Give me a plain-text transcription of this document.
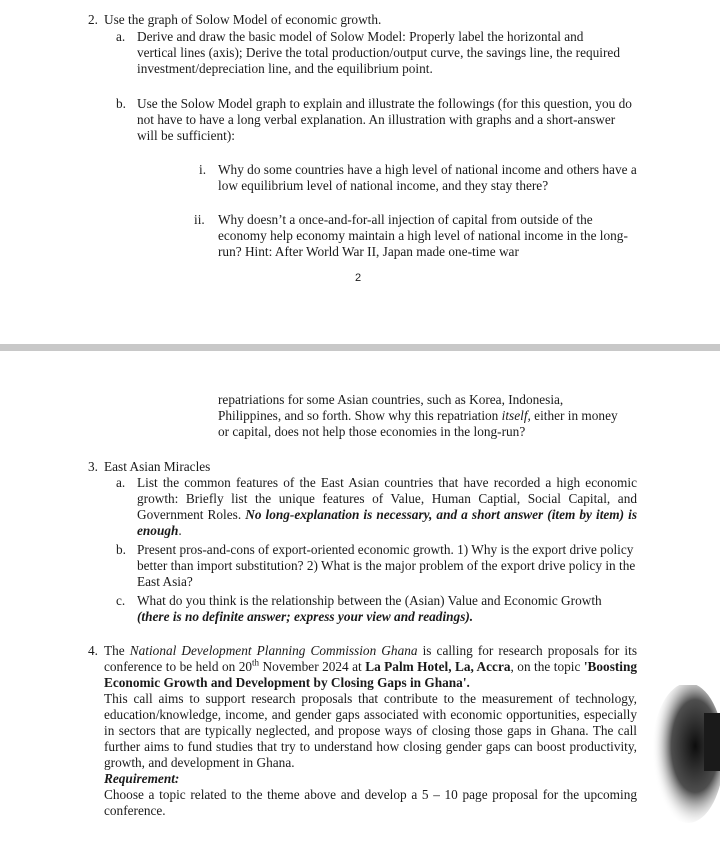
2. Use the graph of Solow Model of economic growth.
a. Derive and draw the basic model of Solow Model: Properly label the horizontal and vertical lines (axis); Derive the total production/output curve, the savings line, the required investment/depreciation line, and the equilibrium point.
b. Use the Solow Model graph to explain and illustrate the followings (for this question, you do not have to have a long verbal explanation. An illustration with graphs and a short-answer will be sufficient):
i. Why do some countries have a high level of national income and others have a low equilibrium level of national income, and they stay there?
ii. Why doesn’t a once-and-for-all injection of capital from outside of the economy help economy maintain a high level of national income in the long-run? Hint: After World War II, Japan made one-time war
2
repatriations for some Asian countries, such as Korea, Indonesia, Philippines, and so forth. Show why this repatriation itself, either in money or capital, does not help those economies in the long-run?
3. East Asian Miracles
a. List the common features of the East Asian countries that have recorded a high economic growth: Briefly list the unique features of Value, Human Captial, Social Capital, and Government Roles. No long-explanation is necessary, and a short answer (item by item) is enough.
b. Present pros-and-cons of export-oriented economic growth. 1) Why is the export drive policy better than import substitution? 2) What is the major problem of the export drive policy in the East Asia?
c. What do you think is the relationship between the (Asian) Value and Economic Growth (there is no definite answer; express your view and readings).
4. The National Development Planning Commission Ghana is calling for research proposals for its conference to be held on 20th November 2024 at La Palm Hotel, La, Accra, on the topic 'Boosting Economic Growth and Development by Closing Gaps in Ghana'.
This call aims to support research proposals that contribute to the measurement of technology, education/knowledge, income, and gender gaps associated with economic opportunities, especially in sectors that are typically neglected, and propose ways of closing those gaps in Ghana. The call further aims to fund studies that try to understand how closing gender gaps can boost productivity, growth, and development in Ghana.
Requirement:
Choose a topic related to the theme above and develop a 5 – 10 page proposal for the upcoming conference.
